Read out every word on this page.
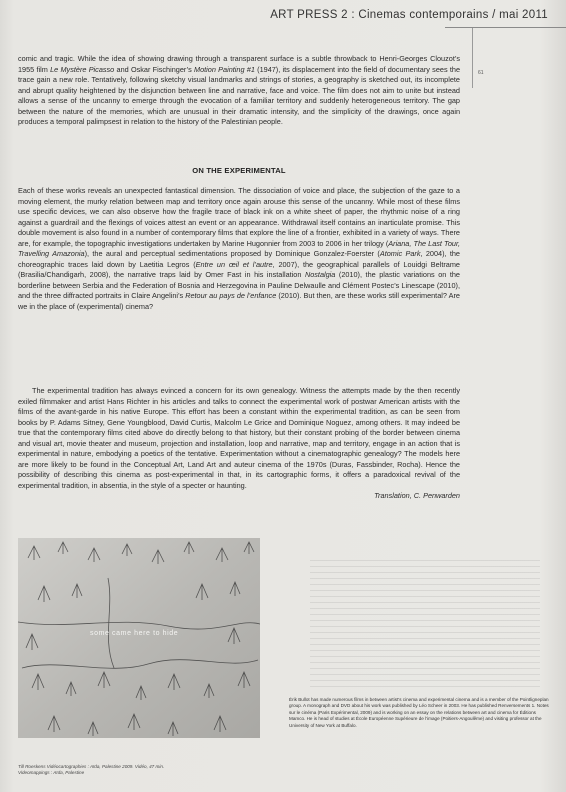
ART PRESS 2 : Cinemas contemporains / mai 2011
61

comic and tragic. While the idea of showing drawing through a transparent surface is a subtle throwback to Henri-Georges Clouzot’s 1955 film Le Mystère Picasso and Oskar Fischinger’s Motion Painting #1 (1947), its displacement into the field of documentary sees the trace gain a new role. Tentatively, following sketchy visual landmarks and strings of stories, a geography is sketched out, its incomplete and abrupt quality heightened by the disjunction between line and narrative, face and voice. The film does not aim to unite but instead allows a sense of the uncanny to emerge through the evocation of a familiar territory and suddenly heterogeneous territory. The gap between the nature of the memories, which are unusual in their dramatic intensity, and the simplicity of the drawings, once again produces a temporal palimpsest in relation to the history of the Palestinian people.

ON THE EXPERIMENTAL

Each of these works reveals an unexpected fantastical dimension. The dissociation of voice and place, the subjection of the gaze to a moving element, the murky relation between map and territory once again arouse this sense of the uncanny. While most of these films use specific devices, we can also observe how the fragile trace of black ink on a white sheet of paper, the rhythmic noise of a ring against a guardrail and the flexings of voices attest an event or an appearance. Withdrawal itself contains an inarticulate promise. This double movement is also found in a number of contemporary films that explore the line of a frontier, exhibited in a variety of ways. There are, for example, the topographic investigations undertaken by Marine Hugonnier from 2003 to 2006 in her trilogy (Ariana, The Last Tour, Travelling Amazonia), the aural and perceptual sedimentations proposed by Dominique Gonzalez-Foerster (Atomic Park, 2004), the choreographic traces laid down by Laetitia Legros (Entre un œil et l’autre, 2007), the geographical parallels of Louidgi Beltrame (Brasilia/Chandigarh, 2008), the narrative traps laid by Omer Fast in his installation Nostalgia (2010), the plastic variations on the borderline between Serbia and the Federation of Bosnia and Herzegovina in Pauline Delwaulle and Clément Postec’s Linescape (2010), and the three diffracted portraits in Claire Angelini’s Retour au pays de l’enfance (2010). But then, are these works still experimental? Are we in the place of (experimental) cinema?

The experimental tradition has always evinced a concern for its own genealogy. Witness the attempts made by the then recently exiled filmmaker and artist Hans Richter in his articles and talks to connect the experimental work of postwar American artists with the films of the avant-garde in his native Europe. This effort has been a constant within the experimental tradition, as can be seen from books by P. Adams Sitney, Gene Youngblood, David Curtis, Malcolm Le Grice and Dominique Noguez, among others. It may indeed be true that the contemporary films cited above do directly belong to that history, but their constant probing of the border between cinema and visual art, movie theater and museum, projection and installation, loop and narrative, map and territory, engage in an action that is experimental in nature, embodying a poetics of the tentative. Experimentation without a cinematographic genealogy? The models here are more likely to be found in the Conceptual Art, Land Art and auteur cinema of the 1970s (Duras, Fassbinder, Rocha). Hence the possibility of describing this cinema as post-experimental in that, in its cartographic forms, it offers a paradoxical revival of the experimental tradition, in absentia, in the style of a specter or haunting.

Translation, C. Penwarden

some came here to hide
Till Roeskens Vidéocartographies : Aïda, Palestine 2009. Vidéo, 47 min.
Videomappings : Aïda, Palestine
Érik Bullot has made numerous films in between artist’s cinema and experimental cinema and is a member of the Pointligneplan group. A monograph and DVD about his work was published by Léo Scheer in 2003. He has published Renversements 1. Notes sur le cinéma (Paris Expérimental, 2009) and is working on an essay on the relations between art and cinema for Éditions Mamco. He is head of studies at École Européenne Supérieure de l’image (Poitiers-Angoulême) and visiting professor at the University of New York at Buffalo.
